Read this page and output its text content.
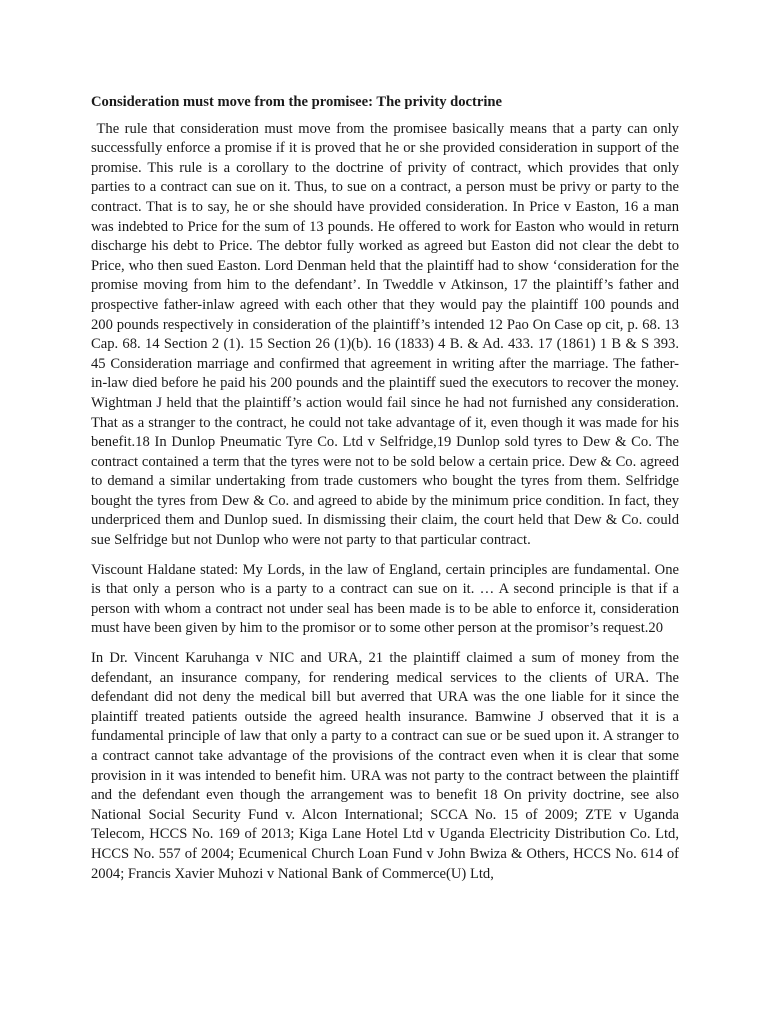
Consideration must move from the promisee: The privity doctrine

The rule that consideration must move from the promisee basically means that a party can only successfully enforce a promise if it is proved that he or she provided consideration in support of the promise. This rule is a corollary to the doctrine of privity of contract, which provides that only parties to a contract can sue on it. Thus, to sue on a contract, a person must be privy or party to the contract. That is to say, he or she should have provided consideration. In Price v Easton, 16 a man was indebted to Price for the sum of 13 pounds. He offered to work for Easton who would in return discharge his debt to Price. The debtor fully worked as agreed but Easton did not clear the debt to Price, who then sued Easton. Lord Denman held that the plaintiff had to show ‘consideration for the promise moving from him to the defendant’. In Tweddle v Atkinson, 17 the plaintiff’s father and prospective father-inlaw agreed with each other that they would pay the plaintiff 100 pounds and 200 pounds respectively in consideration of the plaintiff’s intended 12 Pao On Case op cit, p. 68. 13 Cap. 68. 14 Section 2 (1). 15 Section 26 (1)(b). 16 (1833) 4 B. & Ad. 433. 17 (1861) 1 B & S 393. 45 Consideration marriage and confirmed that agreement in writing after the marriage. The father-in-law died before he paid his 200 pounds and the plaintiff sued the executors to recover the money. Wightman J held that the plaintiff’s action would fail since he had not furnished any consideration. That as a stranger to the contract, he could not take advantage of it, even though it was made for his benefit.18 In Dunlop Pneumatic Tyre Co. Ltd v Selfridge,19 Dunlop sold tyres to Dew & Co. The contract contained a term that the tyres were not to be sold below a certain price. Dew & Co. agreed to demand a similar undertaking from trade customers who bought the tyres from them. Selfridge bought the tyres from Dew & Co. and agreed to abide by the minimum price condition. In fact, they underpriced them and Dunlop sued. In dismissing their claim, the court held that Dew & Co. could sue Selfridge but not Dunlop who were not party to that particular contract.

Viscount Haldane stated: My Lords, in the law of England, certain principles are fundamental. One is that only a person who is a party to a contract can sue on it. … A second principle is that if a person with whom a contract not under seal has been made is to be able to enforce it, consideration must have been given by him to the promisor or to some other person at the promisor’s request.20

In Dr. Vincent Karuhanga v NIC and URA, 21 the plaintiff claimed a sum of money from the defendant, an insurance company, for rendering medical services to the clients of URA. The defendant did not deny the medical bill but averred that URA was the one liable for it since the plaintiff treated patients outside the agreed health insurance. Bamwine J observed that it is a fundamental principle of law that only a party to a contract can sue or be sued upon it. A stranger to a contract cannot take advantage of the provisions of the contract even when it is clear that some provision in it was intended to benefit him. URA was not party to the contract between the plaintiff and the defendant even though the arrangement was to benefit 18 On privity doctrine, see also National Social Security Fund v. Alcon International; SCCA No. 15 of 2009; ZTE v Uganda Telecom, HCCS No. 169 of 2013; Kiga Lane Hotel Ltd v Uganda Electricity Distribution Co. Ltd, HCCS No. 557 of 2004; Ecumenical Church Loan Fund v John Bwiza & Others, HCCS No. 614 of 2004; Francis Xavier Muhozi v National Bank of Commerce(U) Ltd,
